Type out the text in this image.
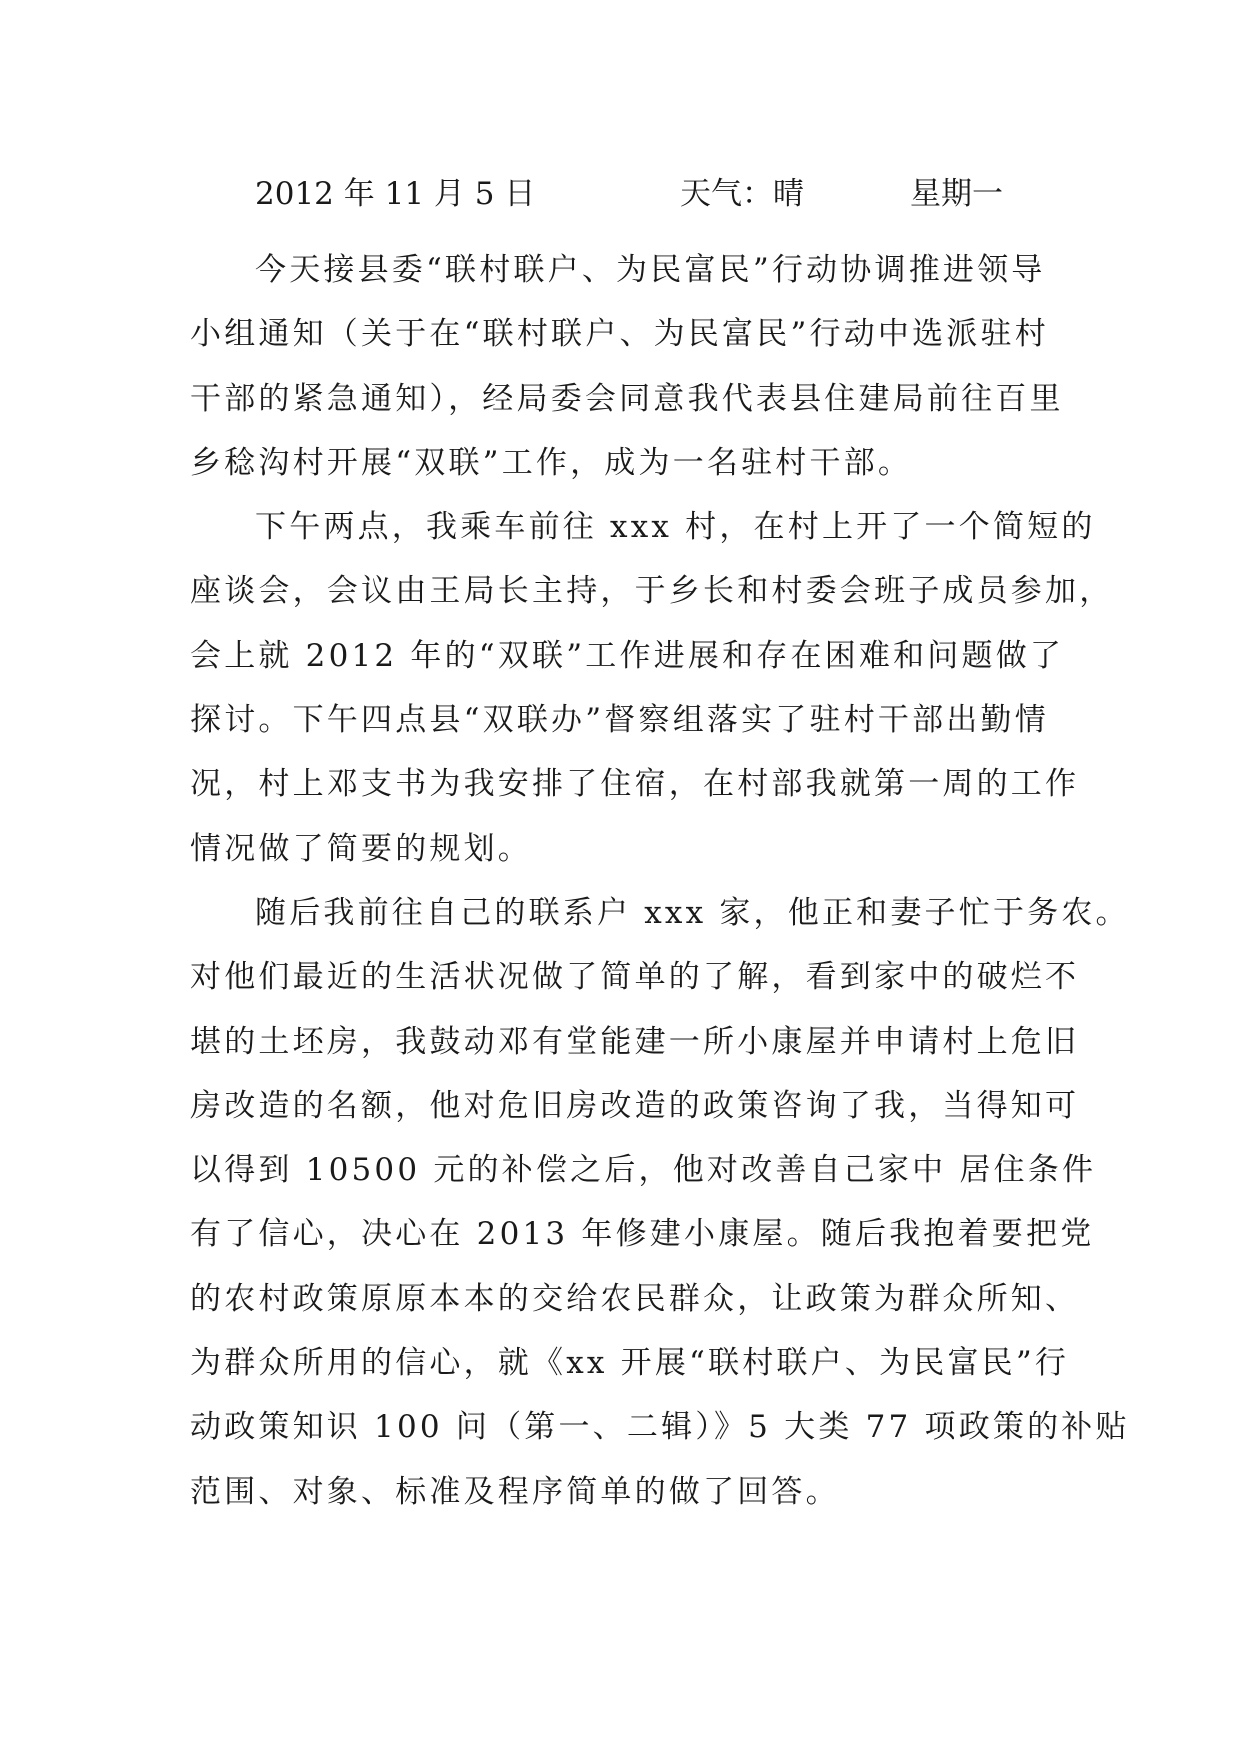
2012 年 11 月 5 日	天气：晴	星期一
今天接县委“联村联户、为民富民”行动协调推进领导
小组通知（关于在“联村联户、为民富民”行动中选派驻村
干部的紧急通知），经局委会同意我代表县住建局前往百里
乡稔沟村开展“双联”工作，成为一名驻村干部。
下午两点，我乘车前往 xxx 村，在村上开了一个简短的
座谈会，会议由王局长主持，于乡长和村委会班子成员参加，
会上就 2012 年的“双联”工作进展和存在困难和问题做了
探讨。下午四点县“双联办”督察组落实了驻村干部出勤情
况，村上邓支书为我安排了住宿，在村部我就第一周的工作
情况做了简要的规划。
随后我前往自己的联系户 xxx 家，他正和妻子忙于务农。
对他们最近的生活状况做了简单的了解，看到家中的破烂不
堪的土坯房，我鼓动邓有堂能建一所小康屋并申请村上危旧
房改造的名额，他对危旧房改造的政策咨询了我，当得知可
以得到 10500 元的补偿之后，他对改善自己家中 居住条件
有了信心，决心在 2013 年修建小康屋。随后我抱着要把党
的农村政策原原本本的交给农民群众，让政策为群众所知、
为群众所用的信心，就《xx 开展“联村联户、为民富民”行
动政策知识 100 问（第一、二辑）》5 大类 77 项政策的补贴
范围、对象、标准及程序简单的做了回答。
